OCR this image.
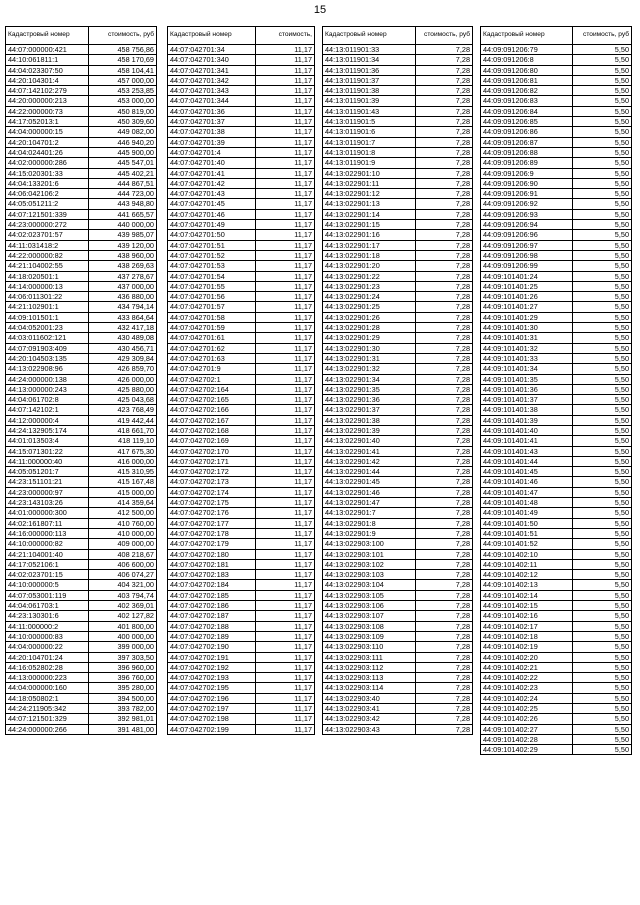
15
Кадастровый номер	стоимость, руб
44:07:000000:421	458 756,86
44:10:061811:1	458 170,69
44:04:023307:50	458 104,41
44:20:104301:4	457 000,00
44:07:142102:279	453 253,85
44:20:000000:213	453 000,00
44:22:000000:73	450 819,00
44:17:052013:1	450 309,60
44:04:000000:15	449 082,00
44:20:104701:2	446 940,20
44:04:024401:26	445 900,00
44:02:000000:286	445 547,01
44:15:020301:33	445 402,21
44:04:133201:6	444 867,51
44:06:042106:2	444 723,00
44:05:051211:2	443 948,80
44:07:121501:339	441 665,57
44:23:000000:272	440 000,00
44:02:023701:57	439 985,07
44:11:031418:2	439 120,00
44:22:000000:82	438 960,00
44:21:104002:55	438 269,63
44:18:020501:1	437 278,67
44:14:000000:13	437 000,00
44:06:011301:22	436 880,00
44:21:102901:1	434 794,14
44:09:101501:1	433 864,64
44:04:052001:23	432 417,18
44:03:011602:121	430 489,08
44:07:091903:409	430 456,71
44:20:104503:135	429 309,84
44:13:022908:96	426 859,70
44:24:000000:138	426 000,00
44:13:000000:243	425 880,00
44:04:061702:8	425 043,68
44:07:142102:1	423 768,49
44:12:000000:4	419 442,44
44:24:132905:174	418 661,70
44:01:013503:4	418 119,10
44:15:071301:22	417 675,30
44:11:000000:40	416 000,00
44:05:051201:7	415 310,95
44:23:151101:21	415 167,48
44:23:000000:97	415 000,00
44:23:143103:26	414 359,64
44:01:000000:300	412 500,00
44:02:161807:11	410 760,00
44:16:000000:113	410 000,00
44:10:000000:82	409 000,00
44:21:104001:40	408 218,67
44:17:052106:1	406 600,00
44:02:023701:15	406 074,27
44:10:000000:5	404 321,00
44:07:053001:119	403 794,74
44:04:061703:1	402 369,01
44:23:130301:6	402 127,82
44:11:000000:2	401 800,00
44:10:000000:83	400 000,00
44:04:000000:22	399 000,00
44:20:104701:24	397 303,50
44:16:052802:28	396 960,00
44:13:000000:223	396 760,00
44:04:000000:160	395 280,00
44:18:050802:1	394 500,00
44:24:211905:342	393 782,00
44:07:121501:329	392 981,01
44:24:000000:266	391 481,00
Кадастровый номер	стоимость,
44:07:042701:34	11,17
44:07:042701:340	11,17
44:07:042701:341	11,17
44:07:042701:342	11,17
44:07:042701:343	11,17
44:07:042701:344	11,17
44:07:042701:36	11,17
44:07:042701:37	11,17
44:07:042701:38	11,17
44:07:042701:39	11,17
44:07:042701:4	11,17
44:07:042701:40	11,17
44:07:042701:41	11,17
44:07:042701:42	11,17
44:07:042701:43	11,17
44:07:042701:45	11,17
44:07:042701:46	11,17
44:07:042701:49	11,17
44:07:042701:50	11,17
44:07:042701:51	11,17
44:07:042701:52	11,17
44:07:042701:53	11,17
44:07:042701:54	11,17
44:07:042701:55	11,17
44:07:042701:56	11,17
44:07:042701:57	11,17
44:07:042701:58	11,17
44:07:042701:59	11,17
44:07:042701:61	11,17
44:07:042701:62	11,17
44:07:042701:63	11,17
44:07:042701:9	11,17
44:07:042702:1	11,17
44:07:042702:164	11,17
44:07:042702:165	11,17
44:07:042702:166	11,17
44:07:042702:167	11,17
44:07:042702:168	11,17
44:07:042702:169	11,17
44:07:042702:170	11,17
44:07:042702:171	11,17
44:07:042702:172	11,17
44:07:042702:173	11,17
44:07:042702:174	11,17
44:07:042702:175	11,17
44:07:042702:176	11,17
44:07:042702:177	11,17
44:07:042702:178	11,17
44:07:042702:179	11,17
44:07:042702:180	11,17
44:07:042702:181	11,17
44:07:042702:183	11,17
44:07:042702:184	11,17
44:07:042702:185	11,17
44:07:042702:186	11,17
44:07:042702:187	11,17
44:07:042702:188	11,17
44:07:042702:189	11,17
44:07:042702:190	11,17
44:07:042702:191	11,17
44:07:042702:192	11,17
44:07:042702:193	11,17
44:07:042702:195	11,17
44:07:042702:196	11,17
44:07:042702:197	11,17
44:07:042702:198	11,17
44:07:042702:199	11,17
Кадастровый номер	стоимость, руб
44:13:011901:33	7,28
44:13:011901:34	7,28
44:13:011901:36	7,28
44:13:011901:37	7,28
44:13:011901:38	7,28
44:13:011901:39	7,28
44:13:011901:43	7,28
44:13:011901:5	7,28
44:13:011901:6	7,28
44:13:011901:7	7,28
44:13:011901:8	7,28
44:13:011901:9	7,28
44:13:022901:10	7,28
44:13:022901:11	7,28
44:13:022901:12	7,28
44:13:022901:13	7,28
44:13:022901:14	7,28
44:13:022901:15	7,28
44:13:022901:16	7,28
44:13:022901:17	7,28
44:13:022901:18	7,28
44:13:022901:20	7,28
44:13:022901:22	7,28
44:13:022901:23	7,28
44:13:022901:24	7,28
44:13:022901:25	7,28
44:13:022901:26	7,28
44:13:022901:28	7,28
44:13:022901:29	7,28
44:13:022901:30	7,28
44:13:022901:31	7,28
44:13:022901:32	7,28
44:13:022901:34	7,28
44:13:022901:35	7,28
44:13:022901:36	7,28
44:13:022901:37	7,28
44:13:022901:38	7,28
44:13:022901:39	7,28
44:13:022901:40	7,28
44:13:022901:41	7,28
44:13:022901:42	7,28
44:13:022901:44	7,28
44:13:022901:45	7,28
44:13:022901:46	7,28
44:13:022901:47	7,28
44:13:022901:7	7,28
44:13:022901:8	7,28
44:13:022901:9	7,28
44:13:022903:100	7,28
44:13:022903:101	7,28
44:13:022903:102	7,28
44:13:022903:103	7,28
44:13:022903:104	7,28
44:13:022903:105	7,28
44:13:022903:106	7,28
44:13:022903:107	7,28
44:13:022903:108	7,28
44:13:022903:109	7,28
44:13:022903:110	7,28
44:13:022903:111	7,28
44:13:022903:112	7,28
44:13:022903:113	7,28
44:13:022903:114	7,28
44:13:022903:40	7,28
44:13:022903:41	7,28
44:13:022903:42	7,28
44:13:022903:43	7,28
Кадастровый номер	стоимость, руб
44:09:091206:79	5,50
44:09:091206:8	5,50
44:09:091206:80	5,50
44:09:091206:81	5,50
44:09:091206:82	5,50
44:09:091206:83	5,50
44:09:091206:84	5,50
44:09:091206:85	5,50
44:09:091206:86	5,50
44:09:091206:87	5,50
44:09:091206:88	5,50
44:09:091206:89	5,50
44:09:091206:9	5,50
44:09:091206:90	5,50
44:09:091206:91	5,50
44:09:091206:92	5,50
44:09:091206:93	5,50
44:09:091206:94	5,50
44:09:091206:96	5,50
44:09:091206:97	5,50
44:09:091206:98	5,50
44:09:091206:99	5,50
44:09:101401:24	5,50
44:09:101401:25	5,50
44:09:101401:26	5,50
44:09:101401:27	5,50
44:09:101401:29	5,50
44:09:101401:30	5,50
44:09:101401:31	5,50
44:09:101401:32	5,50
44:09:101401:33	5,50
44:09:101401:34	5,50
44:09:101401:35	5,50
44:09:101401:36	5,50
44:09:101401:37	5,50
44:09:101401:38	5,50
44:09:101401:39	5,50
44:09:101401:40	5,50
44:09:101401:41	5,50
44:09:101401:43	5,50
44:09:101401:44	5,50
44:09:101401:45	5,50
44:09:101401:46	5,50
44:09:101401:47	5,50
44:09:101401:48	5,50
44:09:101401:49	5,50
44:09:101401:50	5,50
44:09:101401:51	5,50
44:09:101401:52	5,50
44:09:101402:10	5,50
44:09:101402:11	5,50
44:09:101402:12	5,50
44:09:101402:13	5,50
44:09:101402:14	5,50
44:09:101402:15	5,50
44:09:101402:16	5,50
44:09:101402:17	5,50
44:09:101402:18	5,50
44:09:101402:19	5,50
44:09:101402:20	5,50
44:09:101402:21	5,50
44:09:101402:22	5,50
44:09:101402:23	5,50
44:09:101402:24	5,50
44:09:101402:25	5,50
44:09:101402:26	5,50
44:09:101402:27	5,50
44:09:101402:28	5,50
44:09:101402:29	5,50
